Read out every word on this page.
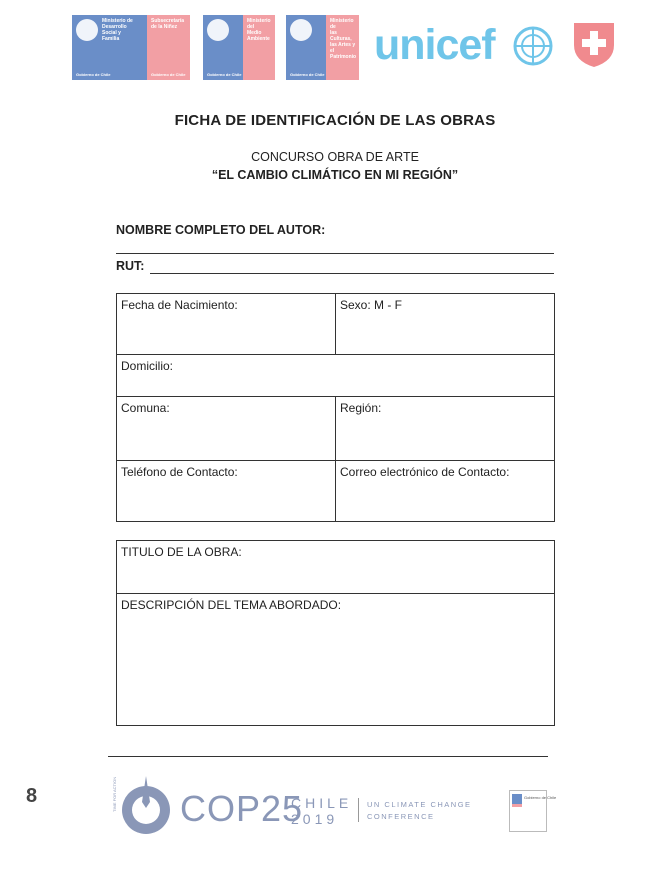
Ministerio de
Desarrollo
Social y
Familia
Gobierno de Chile
Subsecretaría
de la Niñez
Gobierno de Chile	Gobierno de Chile
Ministerio del
Medio
Ambiente
Gobierno de Chile
Ministerio de
las Culturas,
las Artes y el
Patrimonio unicef
FICHA DE IDENTIFICACIÓN DE LAS OBRAS
CONCURSO OBRA DE ARTE
“EL CAMBIO CLIMÁTICO EN MI REGIÓN”
NOMBRE COMPLETO DEL AUTOR:
RUT:
Fecha de Nacimiento:	Sexo: M - F
Domicilio:	
Comuna:	Región:
Teléfono de Contacto:	Correo electrónico de Contacto:
TITULO DE LA OBRA:
DESCRIPCIÓN DEL TEMA ABORDADO:
8	TIME FOR ACTION COP25
CHILE
2019
UN CLIMATE CHANGE
CONFERENCE
Gobierno de Chile
